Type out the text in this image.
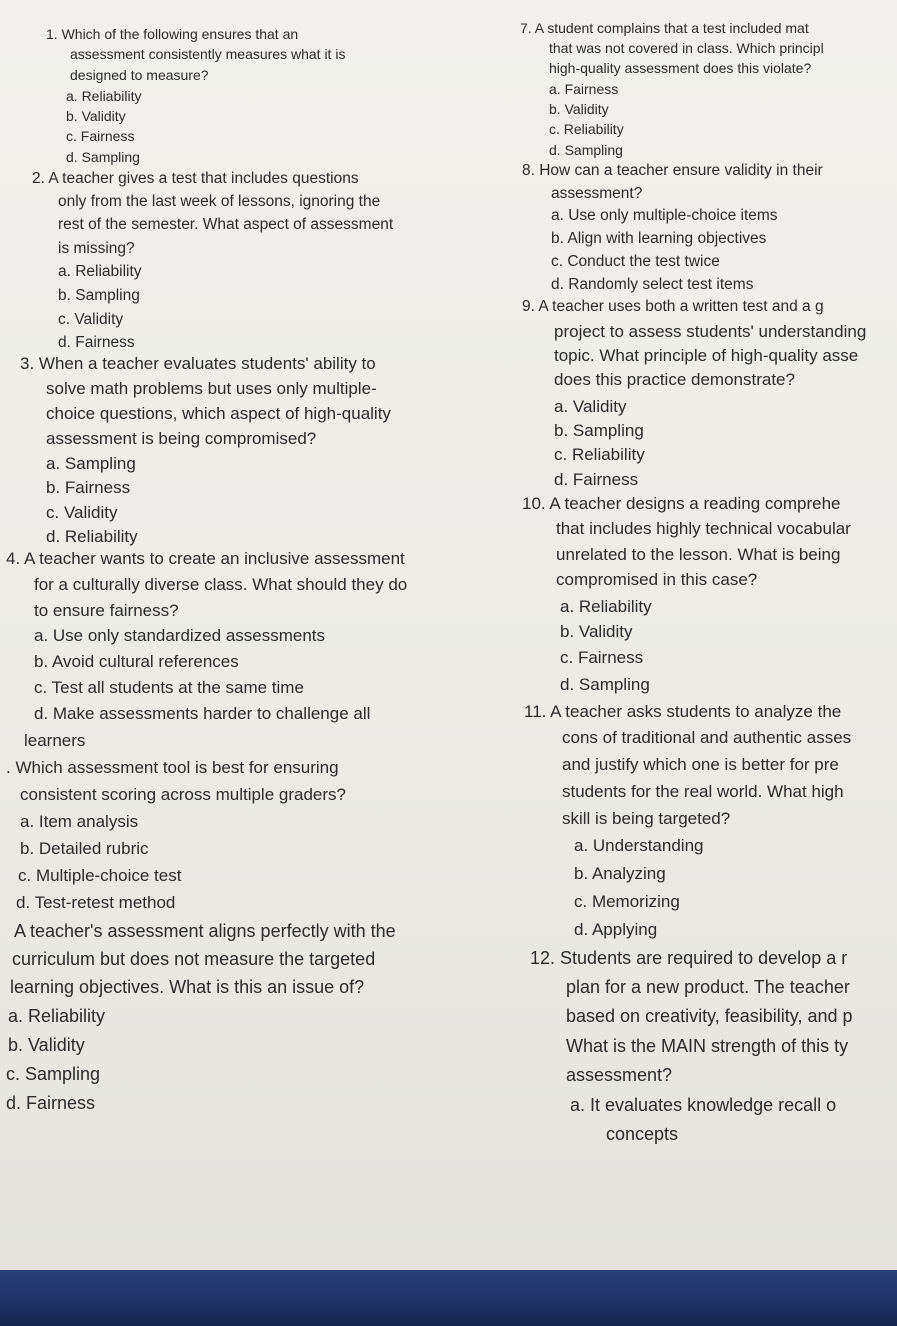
1. Which of the following ensures that an
assessment consistently measures what it is
designed to measure?
a. Reliability
b. Validity
c. Fairness
d. Sampling
2. A teacher gives a test that includes questions
only from the last week of lessons, ignoring the
rest of the semester. What aspect of assessment
is missing?
a. Reliability
b. Sampling
c. Validity
d. Fairness
3. When a teacher evaluates students' ability to
solve math problems but uses only multiple-
choice questions, which aspect of high-quality
assessment is being compromised?
a. Sampling
b. Fairness
c. Validity
d. Reliability
4. A teacher wants to create an inclusive assessment
for a culturally diverse class. What should they do
to ensure fairness?
a. Use only standardized assessments
b. Avoid cultural references
c. Test all students at the same time
d. Make assessments harder to challenge all
learners
. Which assessment tool is best for ensuring
consistent scoring across multiple graders?
a. Item analysis
b. Detailed rubric
c. Multiple-choice test
d. Test-retest method
A teacher's assessment aligns perfectly with the
curriculum but does not measure the targeted
learning objectives. What is this an issue of?
a. Reliability
b. Validity
c. Sampling
d. Fairness
7. A student complains that a test included mat
that was not covered in class. Which principl
high-quality assessment does this violate?
a. Fairness
b. Validity
c. Reliability
d. Sampling
8. How can a teacher ensure validity in their
assessment?
a. Use only multiple-choice items
b. Align with learning objectives
c. Conduct the test twice
d. Randomly select test items
9. A teacher uses both a written test and a g
project to assess students' understanding
topic. What principle of high-quality asse
does this practice demonstrate?
a. Validity
b. Sampling
c. Reliability
d. Fairness
10. A teacher designs a reading comprehe
that includes highly technical vocabular
unrelated to the lesson. What is being
compromised in this case?
a. Reliability
b. Validity
c. Fairness
d. Sampling
11. A teacher asks students to analyze the
cons of traditional and authentic asses
and justify which one is better for pre
students for the real world. What high
skill is being targeted?
a. Understanding
b. Analyzing
c. Memorizing
d. Applying
12. Students are required to develop a r
plan for a new product. The teacher
based on creativity, feasibility, and p
What is the MAIN strength of this ty
assessment?
a. It evaluates knowledge recall o
concepts
